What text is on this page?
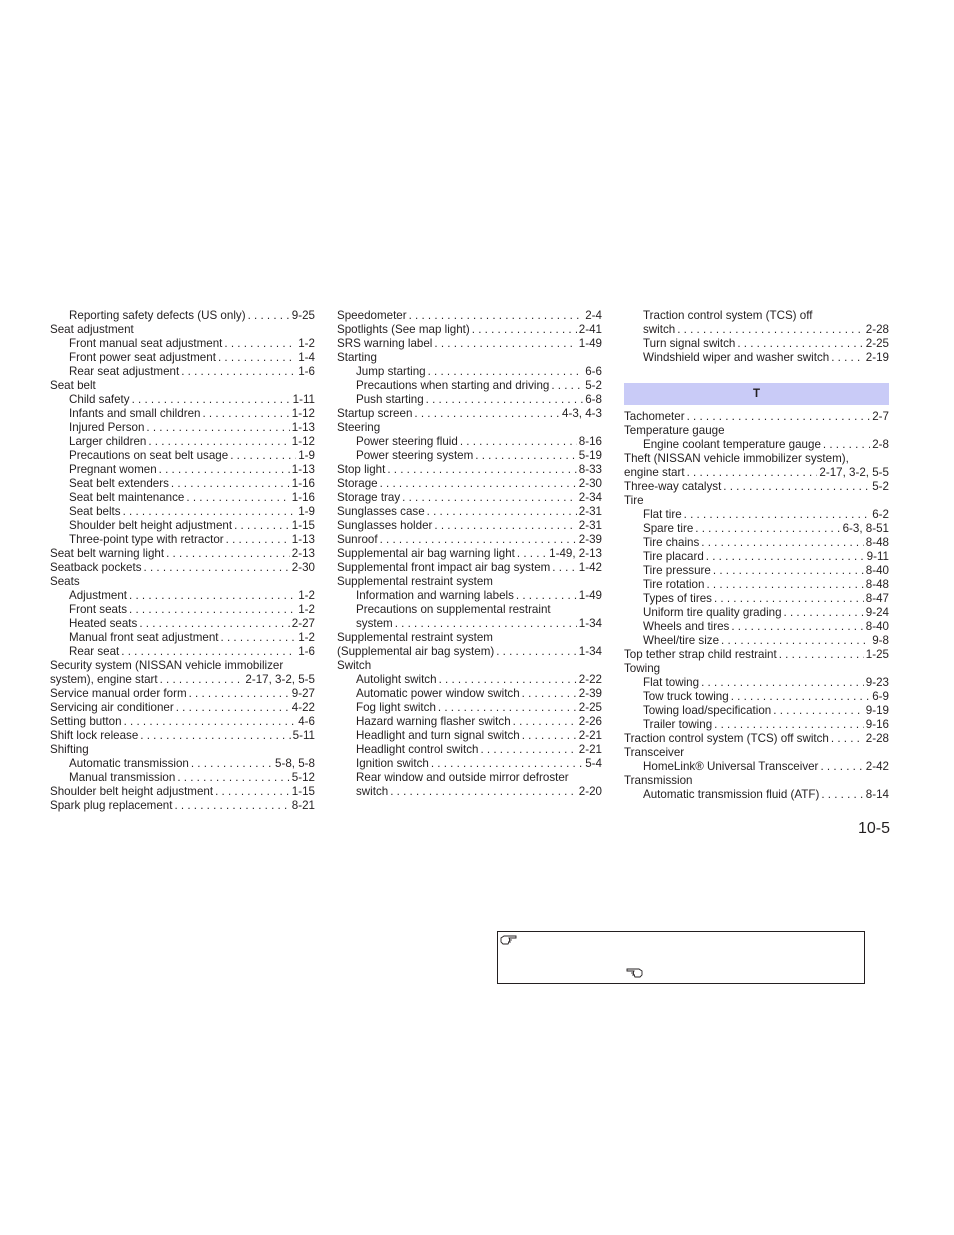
Reporting safety defects (US only) . . .	9-25
Seat adjustment
Front manual seat adjustment . . .	1-2
Front power seat adjustment . . .	1-4
Rear seat adjustment . . .	1-6
Seat belt
Child safety . . .	1-11
Infants and small children . . .	1-12
Injured Person . . .	1-13
Larger children . . .	1-12
Precautions on seat belt usage . . .	1-9
Pregnant women . . .	1-13
Seat belt extenders . . .	1-16
Seat belt maintenance . . .	1-16
Seat belts . . .	1-9
Shoulder belt height adjustment . . .	1-15
Three-point type with retractor . . .	1-13
Seat belt warning light . . .	2-13
Seatback pockets . . .	2-30
Seats
Adjustment . . .	1-2
Front seats . . .	1-2
Heated seats . . .	2-27
Manual front seat adjustment . . .	1-2
Rear seat . . .	1-6
Security system (NISSAN vehicle immobilizer
system), engine start . . .	2-17, 3-2, 5-5
Service manual order form . . .	9-27
Servicing air conditioner . . .	4-22
Setting button . . .	4-6
Shift lock release . . .	5-11
Shifting
Automatic transmission . . .	5-8, 5-8
Manual transmission . . .	5-12
Shoulder belt height adjustment . . .	1-15
Spark plug replacement . . .	8-21
Speedometer . . .	2-4
Spotlights (See map light) . . .	2-41
SRS warning label . . .	1-49
Starting
Jump starting . . .	6-6
Precautions when starting and driving . . .	5-2
Push starting . . .	6-8
Startup screen . . .	4-3, 4-3
Steering
Power steering fluid . . .	8-16
Power steering system . . .	5-19
Stop light . . .	8-33
Storage . . .	2-30
Storage tray . . .	2-34
Sunglasses case . . .	2-31
Sunglasses holder . . .	2-31
Sunroof . . .	2-39
Supplemental air bag warning light . . .	1-49, 2-13
Supplemental front impact air bag system . . . 1-42
Supplemental restraint system
Information and warning labels . . .	1-49
Precautions on supplemental restraint
system . . .	1-34
Supplemental restraint system
(Supplemental air bag system) . . .	1-34
Switch
Autolight switch . . .	2-22
Automatic power window switch . . .	2-39
Fog light switch . . .	2-25
Hazard warning flasher switch . . .	2-26
Headlight and turn signal switch . . .	2-21
Headlight control switch . . .	2-21
Ignition switch . . .	5-4
Rear window and outside mirror defroster
switch . . .	2-20
Traction control system (TCS) off
switch . . .	2-28
Turn signal switch . . .	2-25
Windshield wiper and washer switch . . .	2-19
T
Tachometer . . .	2-7
Temperature gauge
Engine coolant temperature gauge . . .	2-8
Theft (NISSAN vehicle immobilizer system),
engine start . . .	2-17, 3-2, 5-5
Three-way catalyst . . .	5-2
Tire
Flat tire . . .	6-2
Spare tire . . .	6-3, 8-51
Tire chains . . .	8-48
Tire placard . . .	9-11
Tire pressure . . .	8-40
Tire rotation . . .	8-48
Types of tires . . .	8-47
Uniform tire quality grading . . .	9-24
Wheels and tires . . .	8-40
Wheel/tire size . . .	9-8
Top tether strap child restraint . . .	1-25
Towing
Flat towing . . .	9-23
Tow truck towing . . .	6-9
Towing load/specification . . .	9-19
Trailer towing . . .	9-16
Traction control system (TCS) off switch . . .	2-28
Transceiver
HomeLink® Universal Transceiver . . .	2-42
Transmission
Automatic transmission fluid (ATF) . . .	8-14
10-5
